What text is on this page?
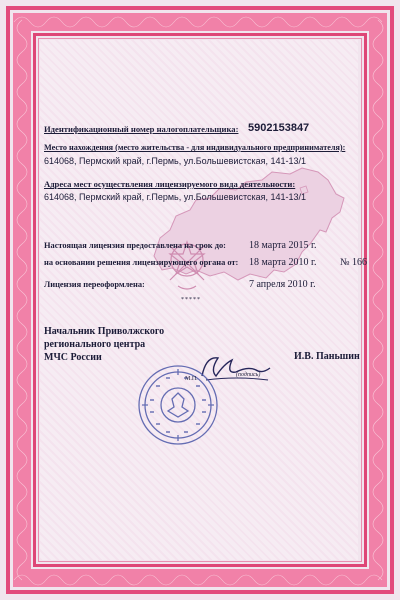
*****
Идентификационный номер налогоплательщика: 5902153847
Место нахождения (место жительства - для индивидуального предпринимателя):
614068, Пермский край, г.Пермь, ул.Большевистская, 141-13/1
Адреса мест осуществления лицензируемого вида деятельности:
614068, Пермский край, г.Пермь, ул.Большевистская, 141-13/1
Настоящая лицензия предоставлена на срок до: 18 марта 2015 г.
на основании решения лицензирующего органа от: 18 марта 2010 г. № 166
Лицензия переоформлена:	7 апреля 2010 г.
Начальник Приволжского
регионального центра
МЧС России	И.В. Паньшин
(подпись)
М.П.
